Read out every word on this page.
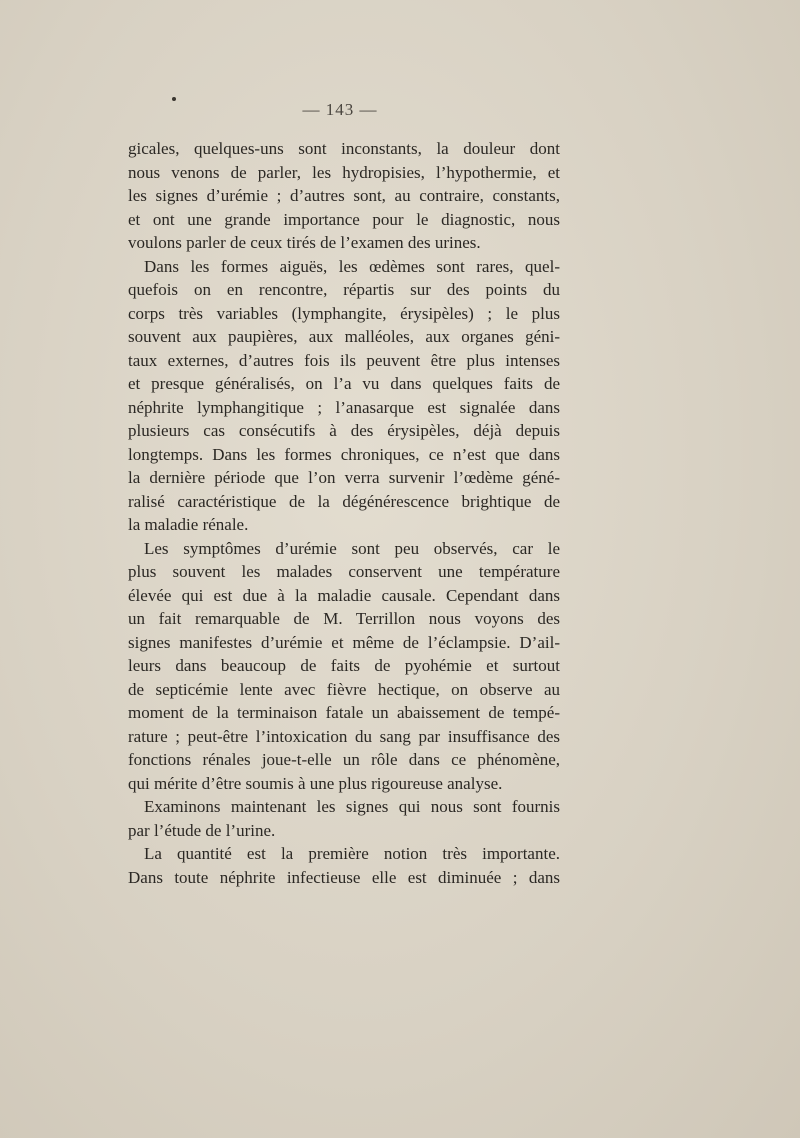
— 143 —
gicales, quelques-uns sont inconstants, la douleur dont
nous venons de parler, les hydropisies, l’hypothermie, et
les signes d’urémie ; d’autres sont, au contraire, constants,
et ont une grande importance pour le diagnostic, nous
voulons parler de ceux tirés de l’examen des urines.
Dans les formes aiguës, les œdèmes sont rares, quel-
quefois on en rencontre, répartis sur des points du
corps très variables (lymphangite, érysipèles) ; le plus
souvent aux paupières, aux malléoles, aux organes géni-
taux externes, d’autres fois ils peuvent être plus intenses
et presque généralisés, on l’a vu dans quelques faits de
néphrite lymphangitique ; l’anasarque est signalée dans
plusieurs cas consécutifs à des érysipèles, déjà depuis
longtemps. Dans les formes chroniques, ce n’est que dans
la dernière période que l’on verra survenir l’œdème géné-
ralisé caractéristique de la dégénérescence brightique de
la maladie rénale.
Les symptômes d’urémie sont peu observés, car le
plus souvent les malades conservent une température
élevée qui est due à la maladie causale. Cependant dans
un fait remarquable de M. Terrillon nous voyons des
signes manifestes d’urémie et même de l’éclampsie. D’ail-
leurs dans beaucoup de faits de pyohémie et surtout
de septicémie lente avec fièvre hectique, on observe au
moment de la terminaison fatale un abaissement de tempé-
rature ; peut-être l’intoxication du sang par insuffisance des
fonctions rénales joue-t-elle un rôle dans ce phénomène,
qui mérite d’être soumis à une plus rigoureuse analyse.
Examinons maintenant les signes qui nous sont fournis
par l’étude de l’urine.
La quantité est la première notion très importante.
Dans toute néphrite infectieuse elle est diminuée ; dans
